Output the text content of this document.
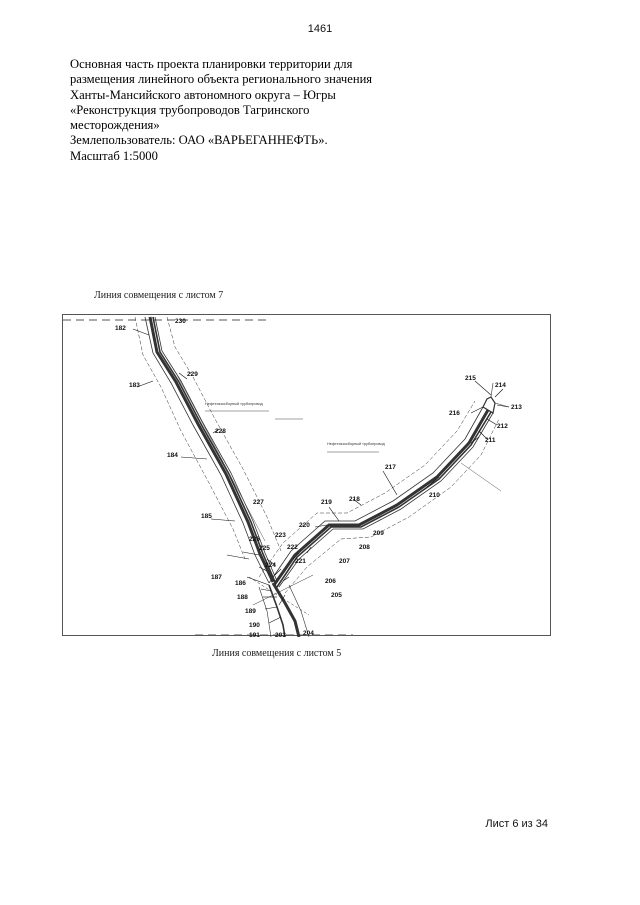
1461
Основная часть проекта планировки территории для
размещения линейного объекта регионального значения
Ханты-Мансийского автономного округа – Югры
«Реконструкция трубопроводов Тагринского
месторождения»
Землепользователь: ОАО «ВАРЬЕГАННЕФТЬ».
Масштаб 1:5000
Линия совмещения с листом 7
182
183
184
185
186
187
188
189
190
191 203	204
205
206
207
208
209
210
211
212
213
214
215
216
217
218
219
220
221
222
223
224
225
226
227
228
229
230
Нефтегазосборный трубопровод
Нефтегазосборный трубопровод
Линия совмещения с листом 5
Лист 6 из 34
